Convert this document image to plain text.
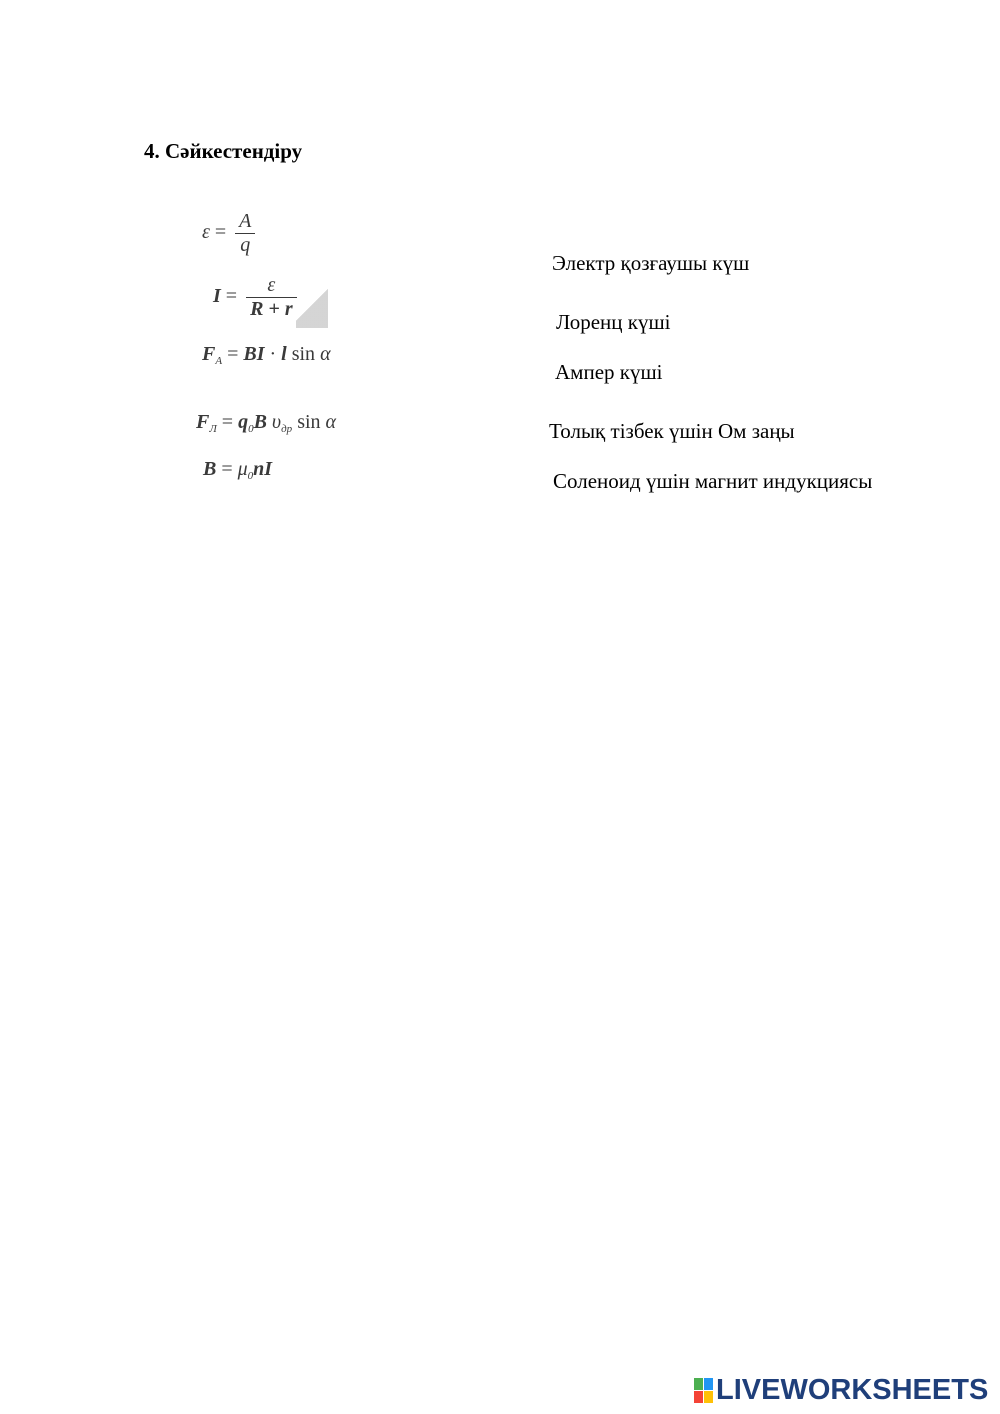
4. Сәйкестендіру
$\varepsilon = \frac{A}{q}$
I =
ε
R + r
$F_A$ = BI · l sin α
$F_Л = q_0B$ $\upsilon_{др}$ sin α
$B = \mu_0nI$
Электр қозғаушы күш
Лоренц күші
Ампер күші
Толық тізбек үшін Ом заңы
Соленоид үшін магнит индукциясы
LIVEWORKSHEETS
